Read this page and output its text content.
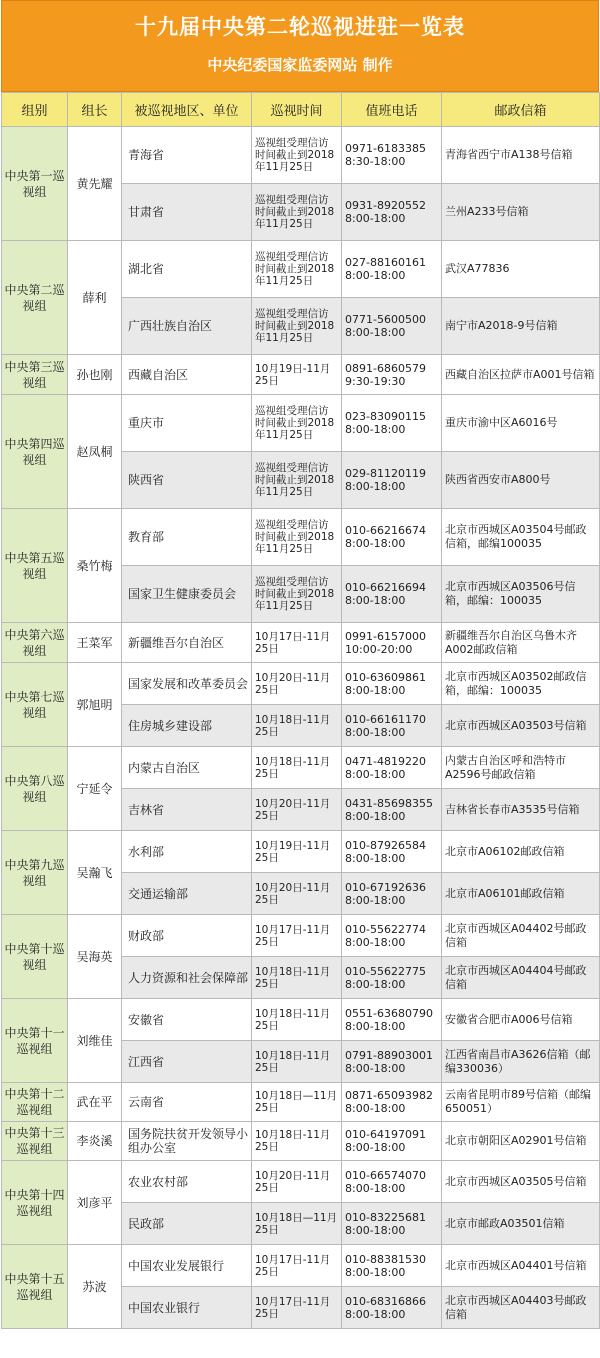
十九届中央第二轮巡视进驻一览表
中央纪委国家监委网站 制作
组别	组长	被巡视地区、单位	巡视时间	值班电话	邮政信箱
中央第一巡视组	黄先耀	青海省	巡视组受理信访时间截止到2018年11月25日	0971-6183385 8:30-18:00	青海省西宁市A138号信箱
		甘肃省	巡视组受理信访时间截止到2018年11月25日	0931-8920552 8:00-18:00	兰州A233号信箱
中央第二巡视组	薛利	湖北省	巡视组受理信访时间截止到2018年11月25日	027-88160161 8:00-18:00	武汉A77836
		广西壮族自治区	巡视组受理信访时间截止到2018年11月25日	0771-5600500 8:00-18:00	南宁市A2018-9号信箱
中央第三巡视组	孙也刚	西藏自治区	10月19日-11月25日	0891-6860579 9:30-19:30	西藏自治区拉萨市A001号信箱
中央第四巡视组	赵凤桐	重庆市	巡视组受理信访时间截止到2018年11月25日	023-83090115 8:00-18:00	重庆市渝中区A6016号
		陕西省	巡视组受理信访时间截止到2018年11月25日	029-81120119 8:00-18:00	陕西省西安市A800号
中央第五巡视组	桑竹梅	教育部	巡视组受理信访时间截止到2018年11月25日	010-66216674 8:00-18:00	北京市西城区A03504号邮政信箱，邮编100035
		国家卫生健康委员会	巡视组受理信访时间截止到2018年11月25日	010-66216694 8:00-18:00	北京市西城区A03506号信箱，邮编：100035
中央第六巡视组	王菜军	新疆维吾尔自治区	10月17日-11月25日	0991-6157000 10:00-20:00	新疆维吾尔自治区乌鲁木齐A002邮政信箱
中央第七巡视组	郭旭明	国家发展和改革委员会	10月20日-11月25日	010-63609861 8:00-18:00	北京市西城区A03502邮政信箱，邮编：100035
		住房城乡建设部	10月18日-11月25日	010-66161170 8:00-18:00	北京市西城区A03503号信箱
中央第八巡视组	宁延令	内蒙古自治区	10月18日-11月25日	0471-4819220 8:00-18:00	内蒙古自治区呼和浩特市A2596号邮政信箱
		吉林省	10月20日-11月25日	0431-85698355 8:00-18:00	吉林省长春市A3535号信箱
中央第九巡视组	吴瀚飞	水利部	10月19日-11月25日	010-87926584 8:00-18:00	北京市A06102邮政信箱
		交通运输部	10月20日-11月25日	010-67192636 8:00-18:00	北京市A06101邮政信箱
中央第十巡视组	吴海英	财政部	10月17日-11月25日	010-55622774 8:00-18:00	北京市西城区A04402号邮政信箱
		人力资源和社会保障部	10月18日-11月25日	010-55622775 8:00-18:00	北京市西城区A04404号邮政信箱
中央第十一巡视组	刘维佳	安徽省	10月18日-11月25日	0551-63680790 8:00-18:00	安徽省合肥市A006号信箱
		江西省	10月18日-11月25日	0791-88903001 8:00-18:00	江西省南昌市A3626信箱（邮编330036）
中央第十二巡视组	武在平	云南省	10月18日—11月25日	0871-65093982 8:00-18:00	云南省昆明市89号信箱（邮编650051）
中央第十三巡视组	李炎溪	国务院扶贫开发领导小组办公室	10月18日-11月25日	010-64197091 8:00-18:00	北京市朝阳区A02901号信箱
中央第十四巡视组	刘彦平	农业农村部	10月20日-11月25日	010-66574070 8:00-18:00	北京市西城区A03505号信箱
		民政部	10月18日—11月25日	010-83225681 8:00-18:00	北京市邮政A03501信箱
中央第十五巡视组	苏波	中国农业发展银行	10月17日-11月25日	010-88381530 8:00-18:00	北京市西城区A04401号信箱
		中国农业银行	10月17日-11月25日	010-68316866 8:00-18:00	北京市西城区A04403号邮政信箱
